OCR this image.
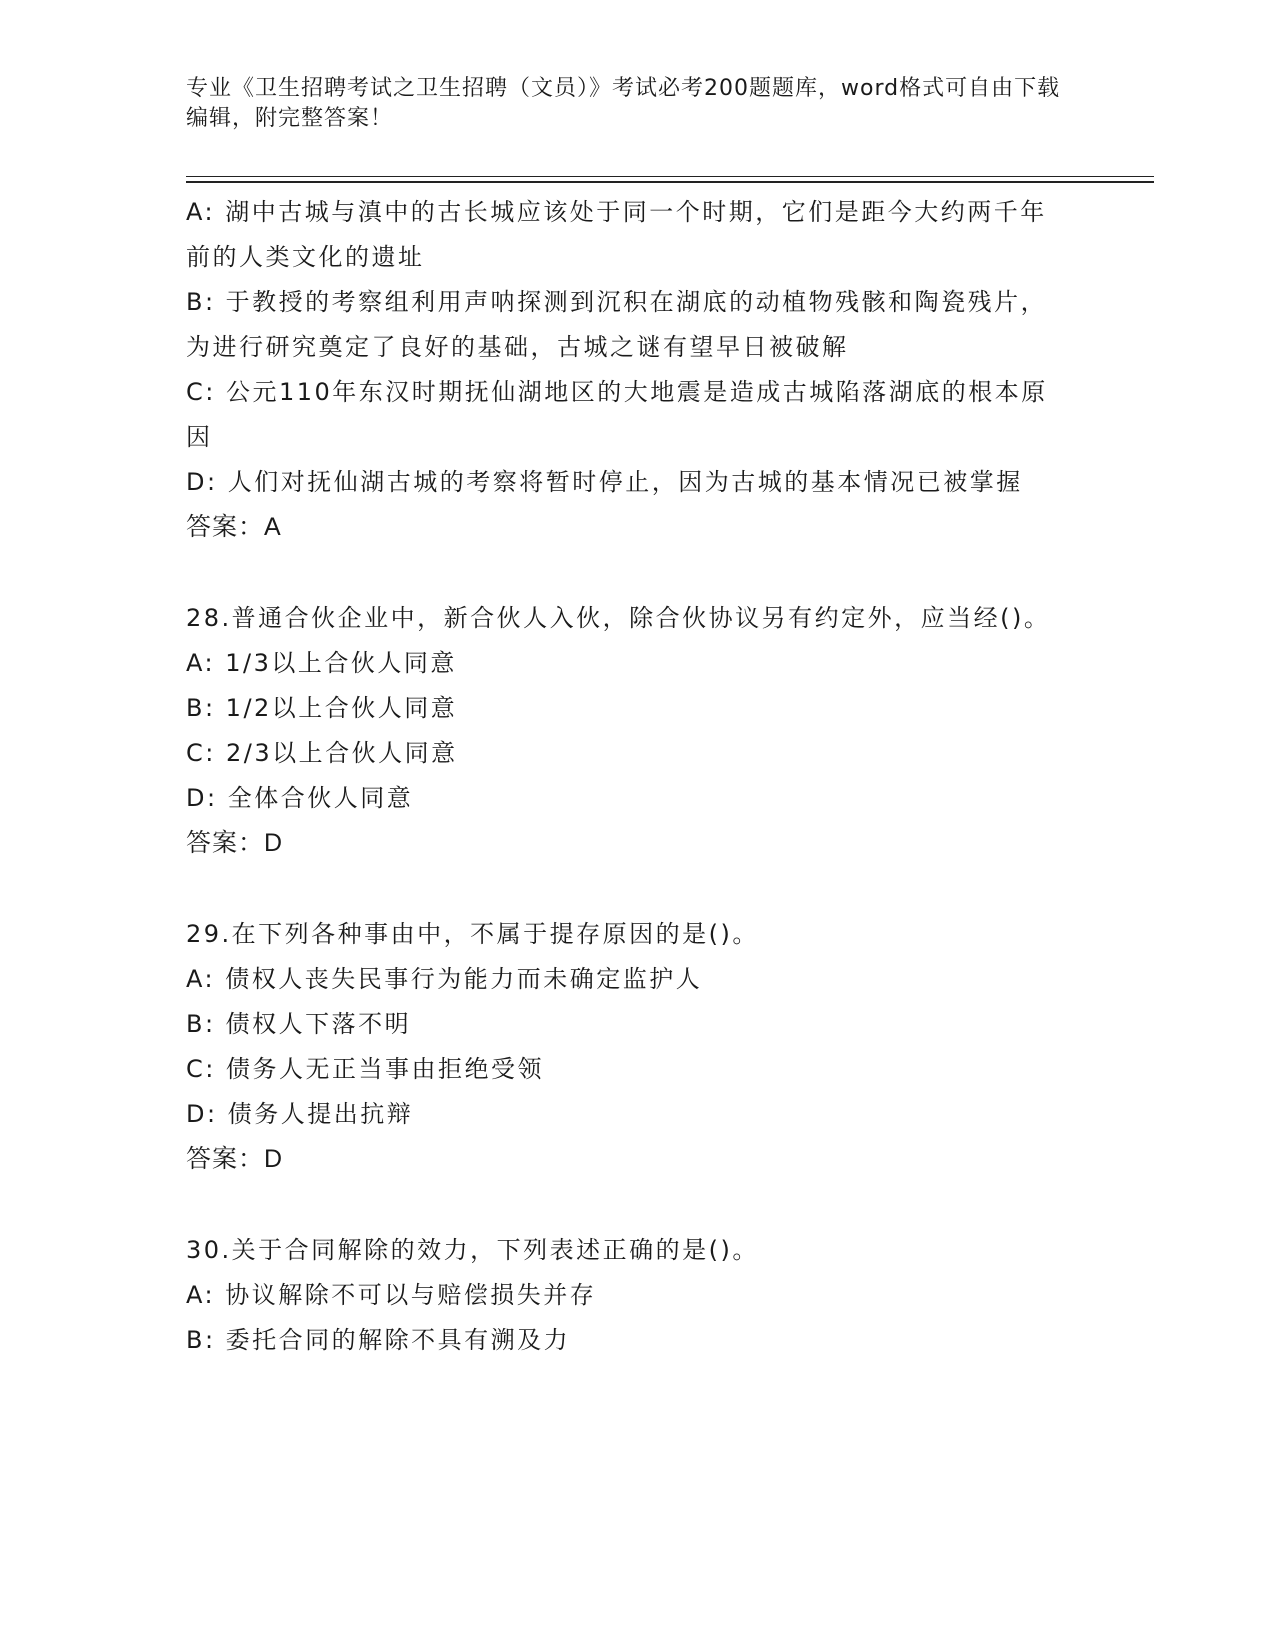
专业《卫生招聘考试之卫生招聘（文员）》考试必考200题题库，word格式可自由下载编辑，附完整答案！
A: 湖中古城与滇中的古长城应该处于同一个时期，它们是距今大约两千年前的人类文化的遗址
B: 于教授的考察组利用声呐探测到沉积在湖底的动植物残骸和陶瓷残片，为进行研究奠定了良好的基础，古城之谜有望早日被破解
C: 公元110年东汉时期抚仙湖地区的大地震是造成古城陷落湖底的根本原因
D: 人们对抚仙湖古城的考察将暂时停止，因为古城的基本情况已被掌握
答案：A
28.普通合伙企业中，新合伙人入伙，除合伙协议另有约定外，应当经()。
A: 1/3以上合伙人同意
B: 1/2以上合伙人同意
C: 2/3以上合伙人同意
D: 全体合伙人同意
答案：D
29.在下列各种事由中，不属于提存原因的是()。
A: 债权人丧失民事行为能力而未确定监护人
B: 债权人下落不明
C: 债务人无正当事由拒绝受领
D: 债务人提出抗辩
答案：D
30.关于合同解除的效力，下列表述正确的是()。
A: 协议解除不可以与赔偿损失并存
B: 委托合同的解除不具有溯及力
